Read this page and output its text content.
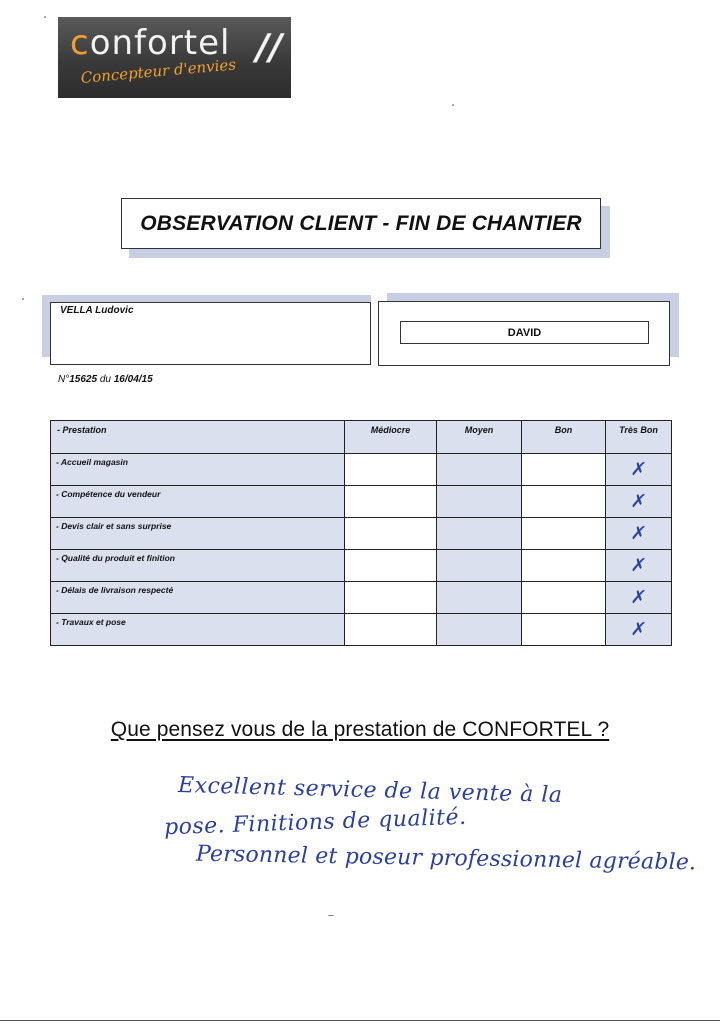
confortel //
Concepteur d'envies
OBSERVATION CLIENT - FIN DE CHANTIER
VELLA Ludovic
DAVID
N°15625 du 16/04/15
- Prestation	Médiocre	Moyen	Bon	Très Bon
- Accueil magasin				✗

- Compétence du vendeur				✗

- Devis clair et sans surprise				✗

- Qualité du produit et finition				✗

- Délais de livraison respecté				✗

- Travaux et pose				✗
Que pensez vous de la prestation de CONFORTEL ?
Excellent service de la vente à la
pose. Finitions de qualité.
Personnel et poseur professionnel agréable.
